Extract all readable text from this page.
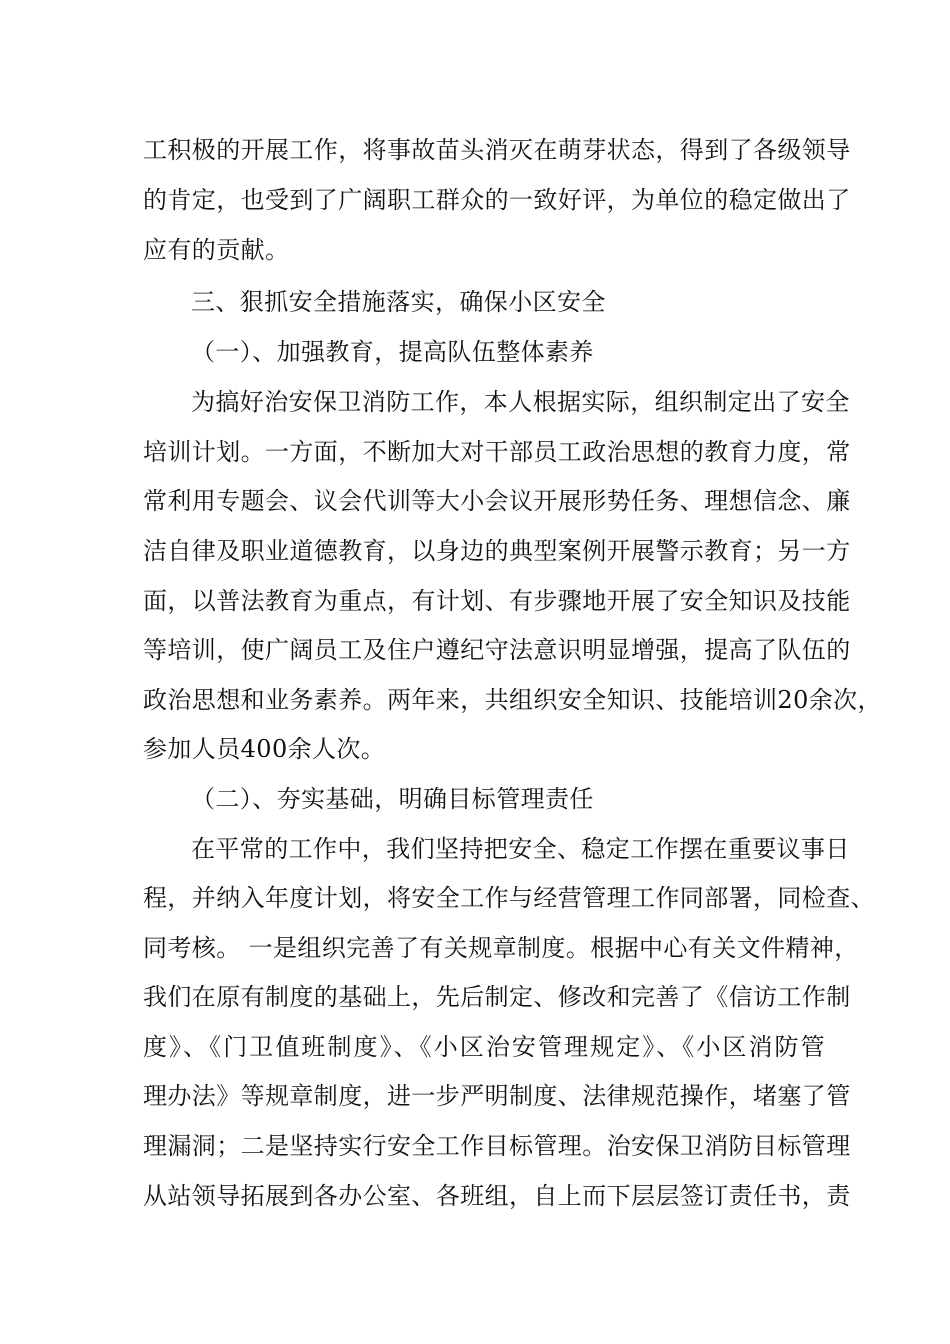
工积极的开展工作，将事故苗头消灭在萌芽状态，得到了各级领导
的肯定，也受到了广阔职工群众的一致好评，为单位的稳定做出了
应有的贡献。
三、狠抓安全措施落实，确保小区安全
（一）、加强教育，提高队伍整体素养
为搞好治安保卫消防工作，本人根据实际，组织制定出了安全
培训计划。一方面，不断加大对干部员工政治思想的教育力度，常
常利用专题会、议会代训等大小会议开展形势任务、理想信念、廉
洁自律及职业道德教育，以身边的典型案例开展警示教育；另一方
面，以普法教育为重点，有计划、有步骤地开展了安全知识及技能
等培训，使广阔员工及住户遵纪守法意识明显增强，提高了队伍的
政治思想和业务素养。两年来，共组织安全知识、技能培训20余次，
参加人员400余人次。
（二）、夯实基础，明确目标管理责任
在平常的工作中，我们坚持把安全、稳定工作摆在重要议事日
程，并纳入年度计划，将安全工作与经营管理工作同部署，同检查、
同考核。 一是组织完善了有关规章制度。根据中心有关文件精神，
我们在原有制度的基础上，先后制定、修改和完善了《信访工作制
度》、《门卫值班制度》、《小区治安管理规定》、《小区消防管
理办法》等规章制度，进一步严明制度、法律规范操作，堵塞了管
理漏洞；二是坚持实行安全工作目标管理。治安保卫消防目标管理
从站领导拓展到各办公室、各班组，自上而下层层签订责任书，责
